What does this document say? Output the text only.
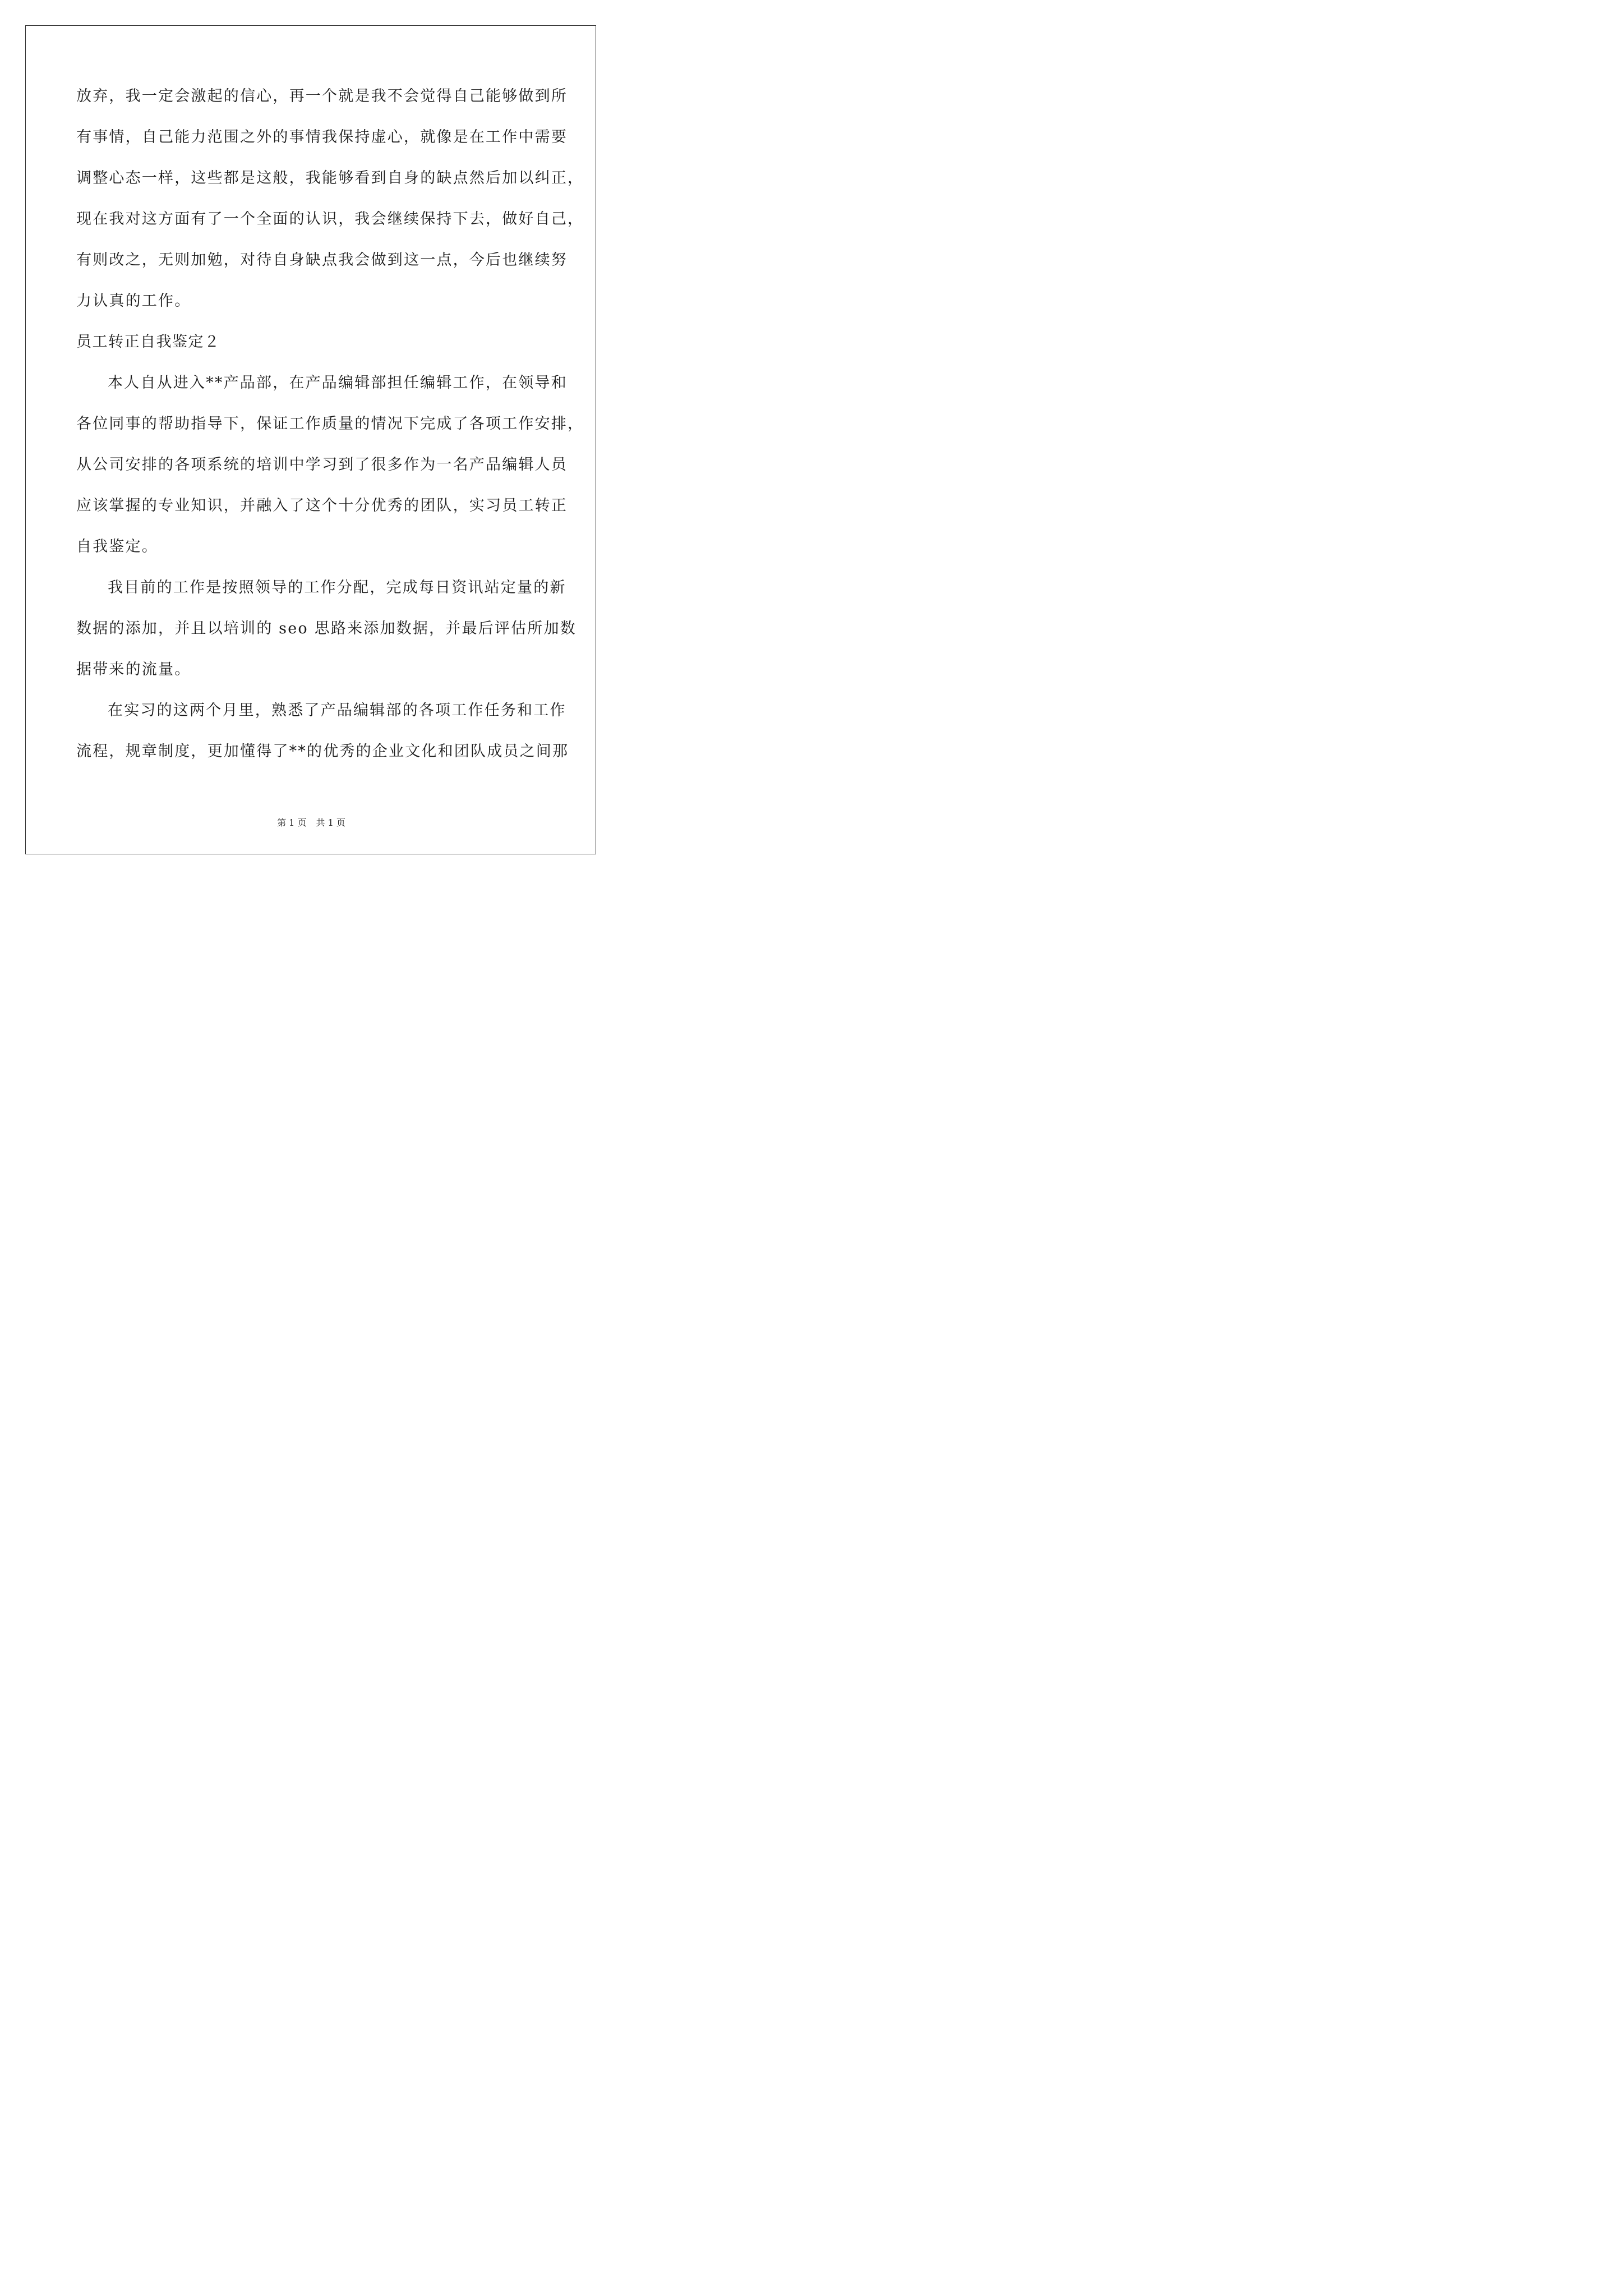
放弃，我一定会激起的信心，再一个就是我不会觉得自己能够做到所
有事情，自己能力范围之外的事情我保持虚心，就像是在工作中需要
调整心态一样，这些都是这般，我能够看到自身的缺点然后加以纠正，
现在我对这方面有了一个全面的认识，我会继续保持下去，做好自己，
有则改之，无则加勉，对待自身缺点我会做到这一点，今后也继续努
力认真的工作。
员工转正自我鉴定２
本人自从进入**产品部，在产品编辑部担任编辑工作，在领导和
各位同事的帮助指导下，保证工作质量的情况下完成了各项工作安排，
从公司安排的各项系统的培训中学习到了很多作为一名产品编辑人员
应该掌握的专业知识，并融入了这个十分优秀的团队，实习员工转正
自我鉴定。
我目前的工作是按照领导的工作分配，完成每日资讯站定量的新
数据的添加，并且以培训的 seo 思路来添加数据，并最后评估所加数
据带来的流量。
在实习的这两个月里，熟悉了产品编辑部的各项工作任务和工作
流程，规章制度，更加懂得了**的优秀的企业文化和团队成员之间那
第 1 页 共 1 页
